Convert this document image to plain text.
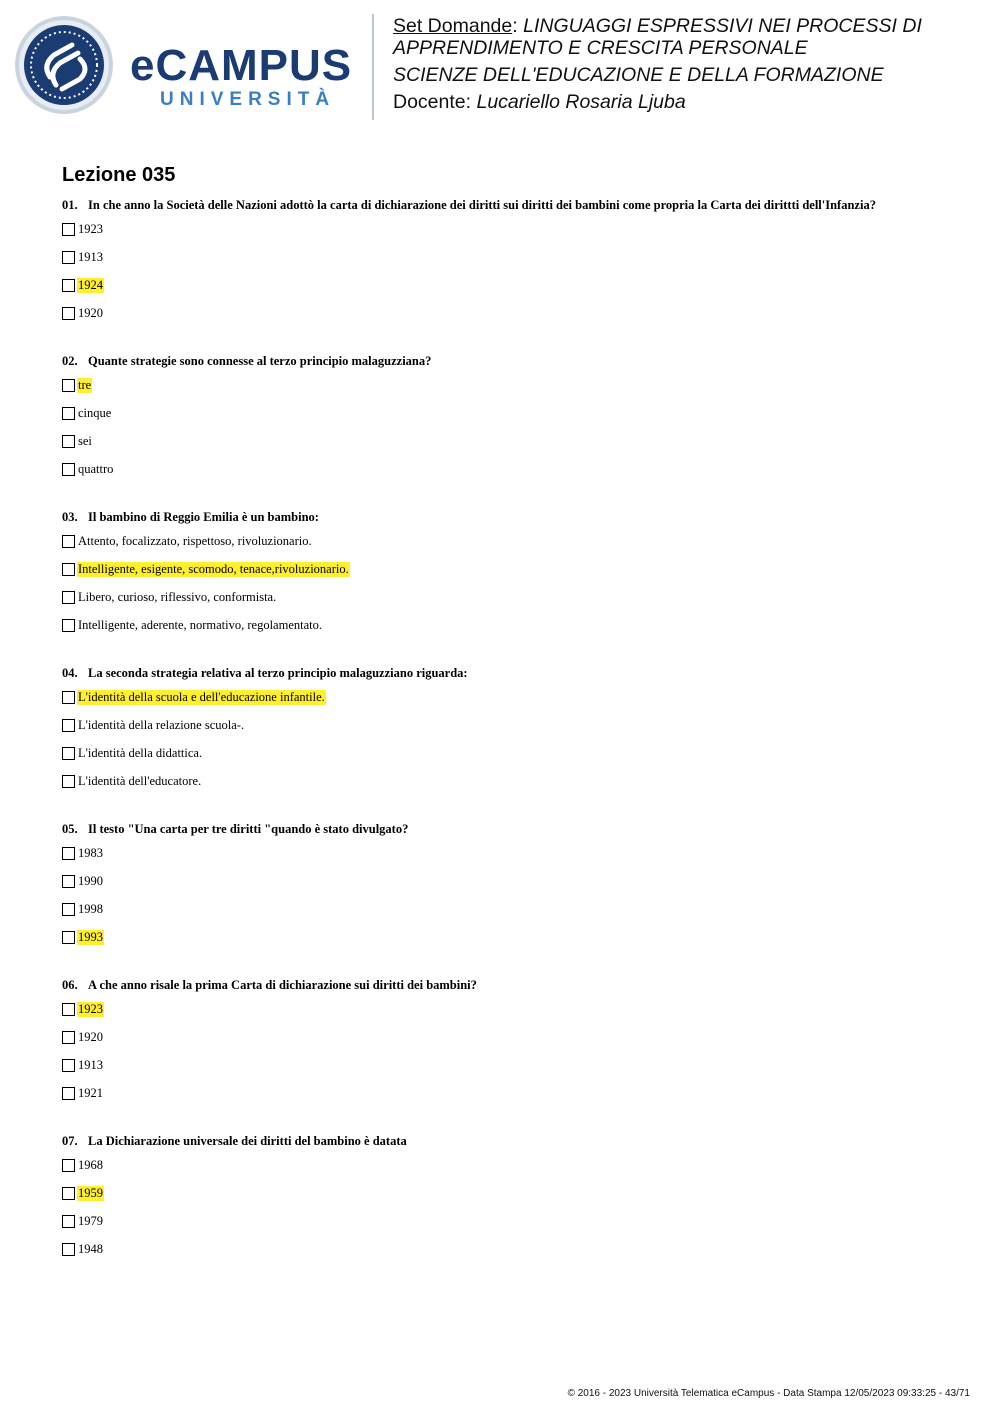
eCAMPUS
UNIVERSITÀ

Set Domande: LINGUAGGI ESPRESSIVI NEI PROCESSI DI

APPRENDIMENTO E CRESCITA PERSONALE

SCIENZE DELL'EDUCAZIONE E DELLA FORMAZIONE

Docente: Lucariello Rosaria Ljuba

Lezione 035

01. In che anno la Società delle Nazioni adottò la carta di dichiarazione dei diritti sui diritti dei bambini come propria la Carta dei dirittti dell'Infanzia?

1923
1913
1924
1920

02. Quante strategie sono connesse al terzo principio malaguzziana?

tre
cinque
sei
quattro

03. Il bambino di Reggio Emilia è un bambino:

Attento, focalizzato, rispettoso, rivoluzionario.
Intelligente, esigente, scomodo, tenace,rivoluzionario.
Libero, curioso, riflessivo, conformista.
Intelligente, aderente, normativo, regolamentato.

04. La seconda strategia relativa al terzo principio malaguzziano riguarda:

L'identità della scuola e dell'educazione infantile.
L'identità della relazione scuola-.
L'identità della didattica.
L'identità dell'educatore.

05. Il testo "Una carta per tre diritti "quando è stato divulgato?

1983
1990
1998
1993

06. A che anno risale la prima Carta di dichiarazione sui diritti dei bambini?

1923
1920
1913
1921

07. La Dichiarazione universale dei diritti del bambino è datata

1968
1959
1979
1948
© 2016 - 2023 Università Telematica eCampus - Data Stampa 12/05/2023 09:33:25 - 43/71
